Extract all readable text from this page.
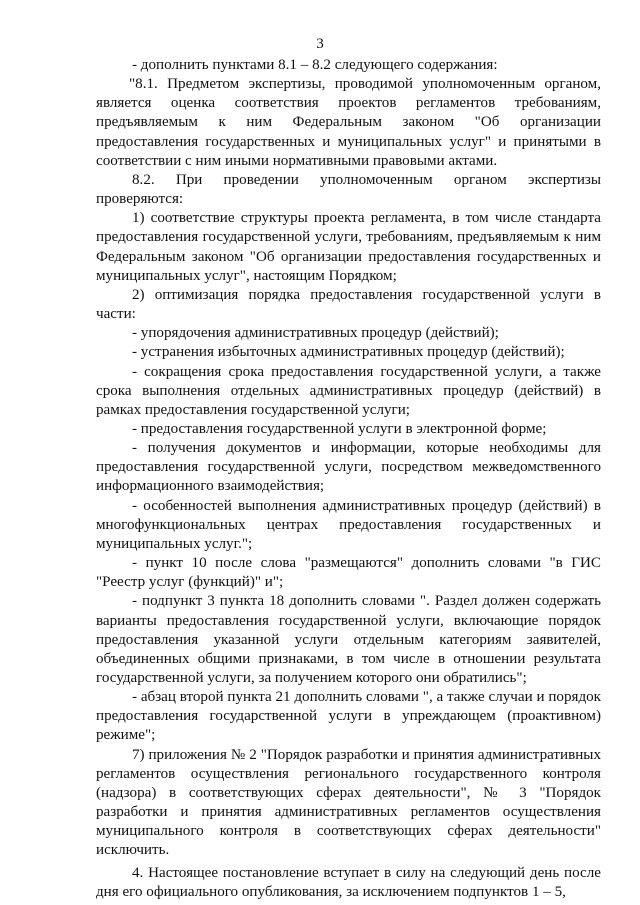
3

- дополнить пунктами 8.1 – 8.2 следующего содержания:

"8.1. Предметом экспертизы, проводимой уполномоченным органом, является оценка соответствия проектов регламентов требованиям, предъявляемым к ним Федеральным законом "Об организации предоставления государственных и муниципальных услуг" и принятыми в соответствии с ним иными нормативными правовыми актами.

8.2. При проведении уполномоченным органом экспертизы проверяются:

1) соответствие структуры проекта регламента, в том числе стандарта предоставления государственной услуги, требованиям, предъявляемым к ним Федеральным законом "Об организации предоставления государственных и муниципальных услуг", настоящим Порядком;

2) оптимизация порядка предоставления государственной услуги в части:

- упорядочения административных процедур (действий);

- устранения избыточных административных процедур (действий);

- сокращения срока предоставления государственной услуги, а также срока выполнения отдельных административных процедур (действий) в рамках предоставления государственной услуги;

- предоставления государственной услуги в электронной форме;

- получения документов и информации, которые необходимы для предоставления государственной услуги, посредством межведомственного информационного взаимодействия;

- особенностей выполнения административных процедур (действий) в многофункциональных центрах предоставления государственных и муниципальных услуг.";

- пункт 10 после слова "размещаются" дополнить словами "в ГИС "Реестр услуг (функций)" и";

- подпункт 3 пункта 18 дополнить словами ". Раздел должен содержать варианты предоставления государственной услуги, включающие порядок предоставления указанной услуги отдельным категориям заявителей, объединенных общими признаками, в том числе в отношении результата государственной услуги, за получением которого они обратились";

- абзац второй пункта 21 дополнить словами ", а также случаи и порядок предоставления государственной услуги в упреждающем (проактивном) режиме";

7) приложения № 2 "Порядок разработки и принятия административных регламентов осуществления регионального государственного контроля (надзора) в соответствующих сферах деятельности", № 3 "Порядок разработки и принятия административных регламентов осуществления муниципального контроля в соответствующих сферах деятельности" исключить.

4. Настоящее постановление вступает в силу на следующий день после дня его официального опубликования, за исключением подпунктов 1 – 5,
